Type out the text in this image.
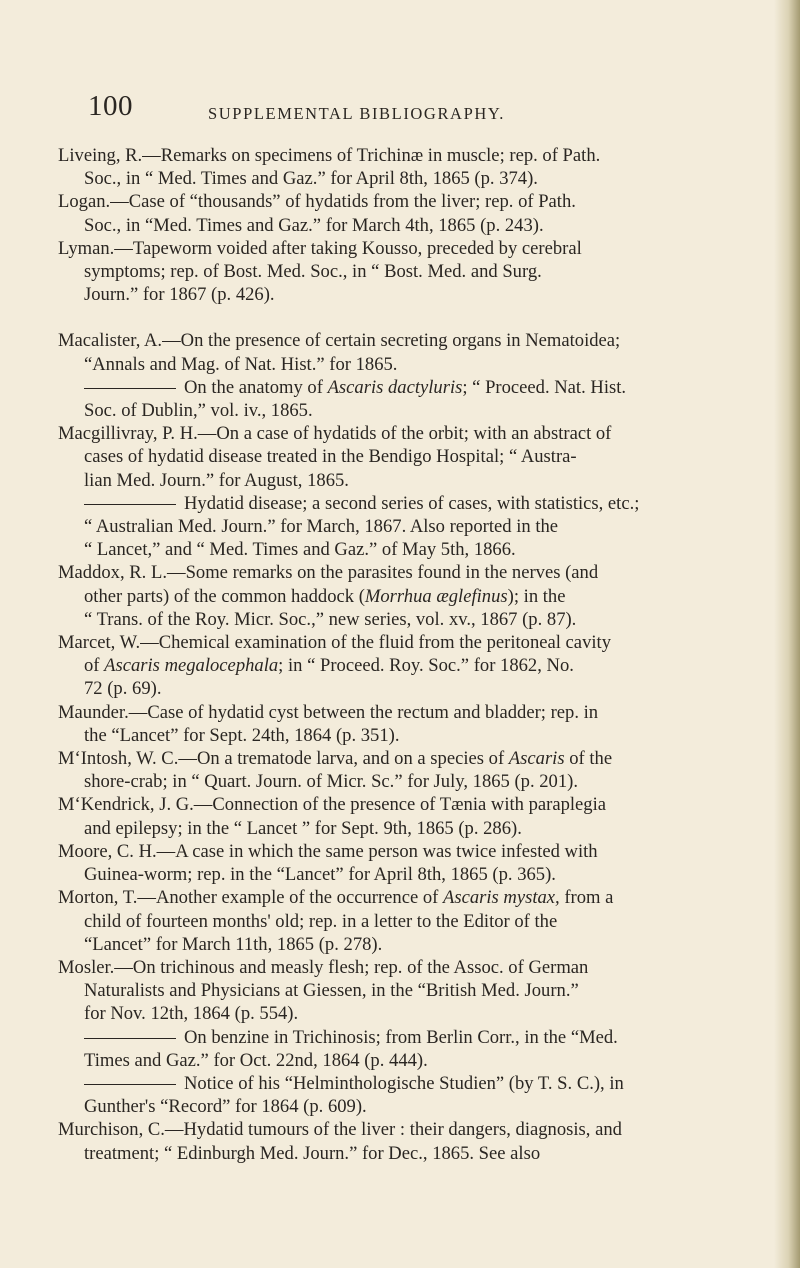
100	SUPPLEMENTAL BIBLIOGRAPHY.
Liveing, R.—Remarks on specimens of Trichinæ in muscle; rep. of Path.
Soc., in “ Med. Times and Gaz.” for April 8th, 1865 (p. 374).
Logan.—Case of “thousands” of hydatids from the liver; rep. of Path.
Soc., in “Med. Times and Gaz.” for March 4th, 1865 (p. 243).
Lyman.—Tapeworm voided after taking Kousso, preceded by cerebral
symptoms; rep. of Bost. Med. Soc., in “ Bost. Med. and Surg.
Journ.” for 1867 (p. 426).
Macalister, A.—On the presence of certain secreting organs in Nematoidea;
“Annals and Mag. of Nat. Hist.” for 1865.
On the anatomy of Ascaris dactyluris; “ Proceed. Nat. Hist.
Soc. of Dublin,” vol. iv., 1865.
Macgillivray, P. H.—On a case of hydatids of the orbit; with an abstract of
cases of hydatid disease treated in the Bendigo Hospital; “ Austra-
lian Med. Journ.” for August, 1865.
Hydatid disease; a second series of cases, with statistics, etc.;
“ Australian Med. Journ.” for March, 1867. Also reported in the
“ Lancet,” and “ Med. Times and Gaz.” of May 5th, 1866.
Maddox, R. L.—Some remarks on the parasites found in the nerves (and
other parts) of the common haddock (Morrhua æglefinus); in the
“ Trans. of the Roy. Micr. Soc.,” new series, vol. xv., 1867 (p. 87).
Marcet, W.—Chemical examination of the fluid from the peritoneal cavity
of Ascaris megalocephala; in “ Proceed. Roy. Soc.” for 1862, No.
72 (p. 69).
Maunder.—Case of hydatid cyst between the rectum and bladder; rep. in
the “Lancet” for Sept. 24th, 1864 (p. 351).
M‘Intosh, W. C.—On a trematode larva, and on a species of Ascaris of the
shore-crab; in “ Quart. Journ. of Micr. Sc.” for July, 1865 (p. 201).
M‘Kendrick, J. G.—Connection of the presence of Tænia with paraplegia
and epilepsy; in the “ Lancet ” for Sept. 9th, 1865 (p. 286).
Moore, C. H.—A case in which the same person was twice infested with
Guinea-worm; rep. in the “Lancet” for April 8th, 1865 (p. 365).
Morton, T.—Another example of the occurrence of Ascaris mystax, from a
child of fourteen months' old; rep. in a letter to the Editor of the
“Lancet” for March 11th, 1865 (p. 278).
Mosler.—On trichinous and measly flesh; rep. of the Assoc. of German
Naturalists and Physicians at Giessen, in the “British Med. Journ.”
for Nov. 12th, 1864 (p. 554).
On benzine in Trichinosis; from Berlin Corr., in the “Med.
Times and Gaz.” for Oct. 22nd, 1864 (p. 444).
Notice of his “Helminthologische Studien” (by T. S. C.), in
Gunther's “Record” for 1864 (p. 609).
Murchison, C.—Hydatid tumours of the liver : their dangers, diagnosis, and
treatment; “ Edinburgh Med. Journ.” for Dec., 1865. See also
